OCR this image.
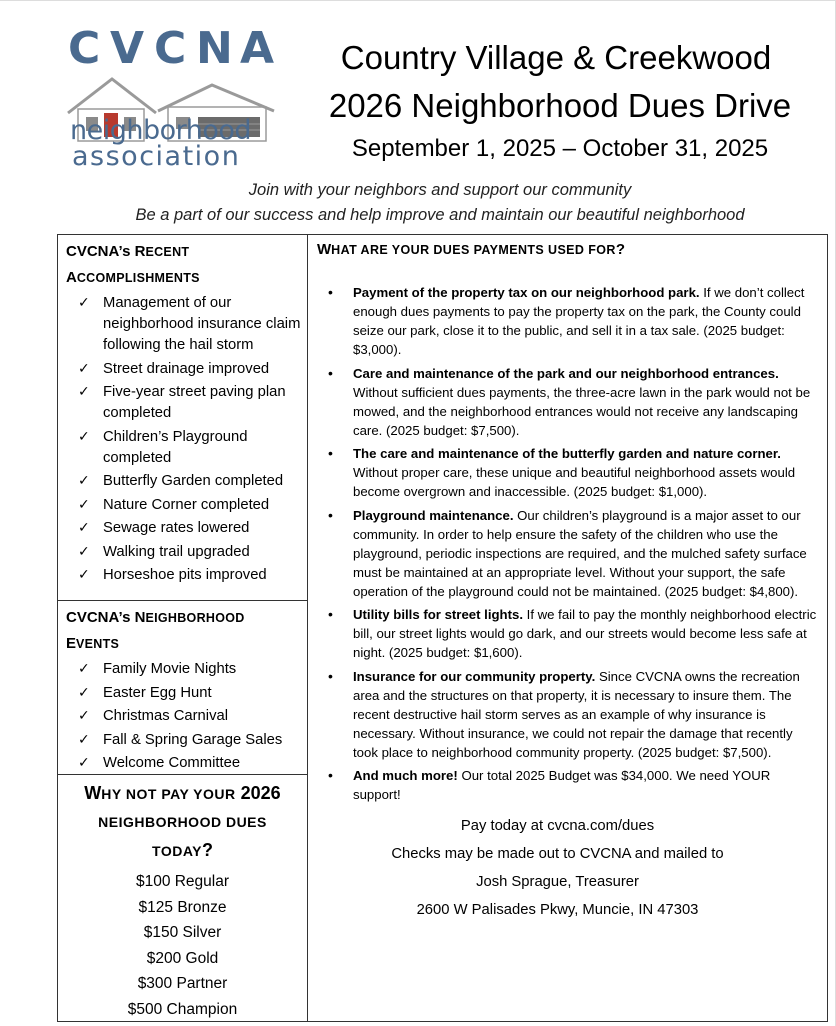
C V C N A
neighborhood
association
Country Village & Creekwood
2026 Neighborhood Dues Drive
September 1, 2025 – October 31, 2025
Join with your neighbors and support our community
Be a part of our success and help improve and maintain our beautiful neighborhood
CVCNA’s RECENT
ACCOMPLISHMENTS
✓ Management of our neighborhood insurance claim following the hail storm
✓ Street drainage improved
✓ Five-year street paving plan completed
✓ Children’s Playground completed
✓ Butterfly Garden completed
✓ Nature Corner completed
✓ Sewage rates lowered
✓ Walking trail upgraded
✓ Horseshoe pits improved
CVCNA’s NEIGHBORHOOD
EVENTS
✓ Family Movie Nights
✓ Easter Egg Hunt
✓ Christmas Carnival
✓ Fall & Spring Garage Sales
✓ Welcome Committee
WHY NOT PAY YOUR 2026
NEIGHBORHOOD DUES
TODAY?
$100 Regular
$125 Bronze
$150 Silver
$200 Gold
$300 Partner
$500 Champion
WHAT ARE YOUR DUES PAYMENTS USED FOR?
• Payment of the property tax on our neighborhood park. If we don’t collect enough dues payments to pay the property tax on the park, the County could seize our park, close it to the public, and sell it in a tax sale. (2025 budget: $3,000).
• Care and maintenance of the park and our neighborhood entrances. Without sufficient dues payments, the three-acre lawn in the park would not be mowed, and the neighborhood entrances would not receive any landscaping care. (2025 budget: $7,500).
• The care and maintenance of the butterfly garden and nature corner. Without proper care, these unique and beautiful neighborhood assets would become overgrown and inaccessible. (2025 budget: $1,000).
• Playground maintenance. Our children’s playground is a major asset to our community. In order to help ensure the safety of the children who use the playground, periodic inspections are required, and the mulched safety surface must be maintained at an appropriate level. Without your support, the safe operation of the playground could not be maintained. (2025 budget: $4,800).
• Utility bills for street lights. If we fail to pay the monthly neighborhood electric bill, our street lights would go dark, and our streets would become less safe at night. (2025 budget: $1,600).
• Insurance for our community property. Since CVCNA owns the recreation area and the structures on that property, it is necessary to insure them. The recent destructive hail storm serves as an example of why insurance is necessary. Without insurance, we could not repair the damage that recently took place to neighborhood community property. (2025 budget: $7,500).
• And much more! Our total 2025 Budget was $34,000. We need YOUR support!
Pay today at cvcna.com/dues
Checks may be made out to CVCNA and mailed to
Josh Sprague, Treasurer
2600 W Palisades Pkwy, Muncie, IN 47303
